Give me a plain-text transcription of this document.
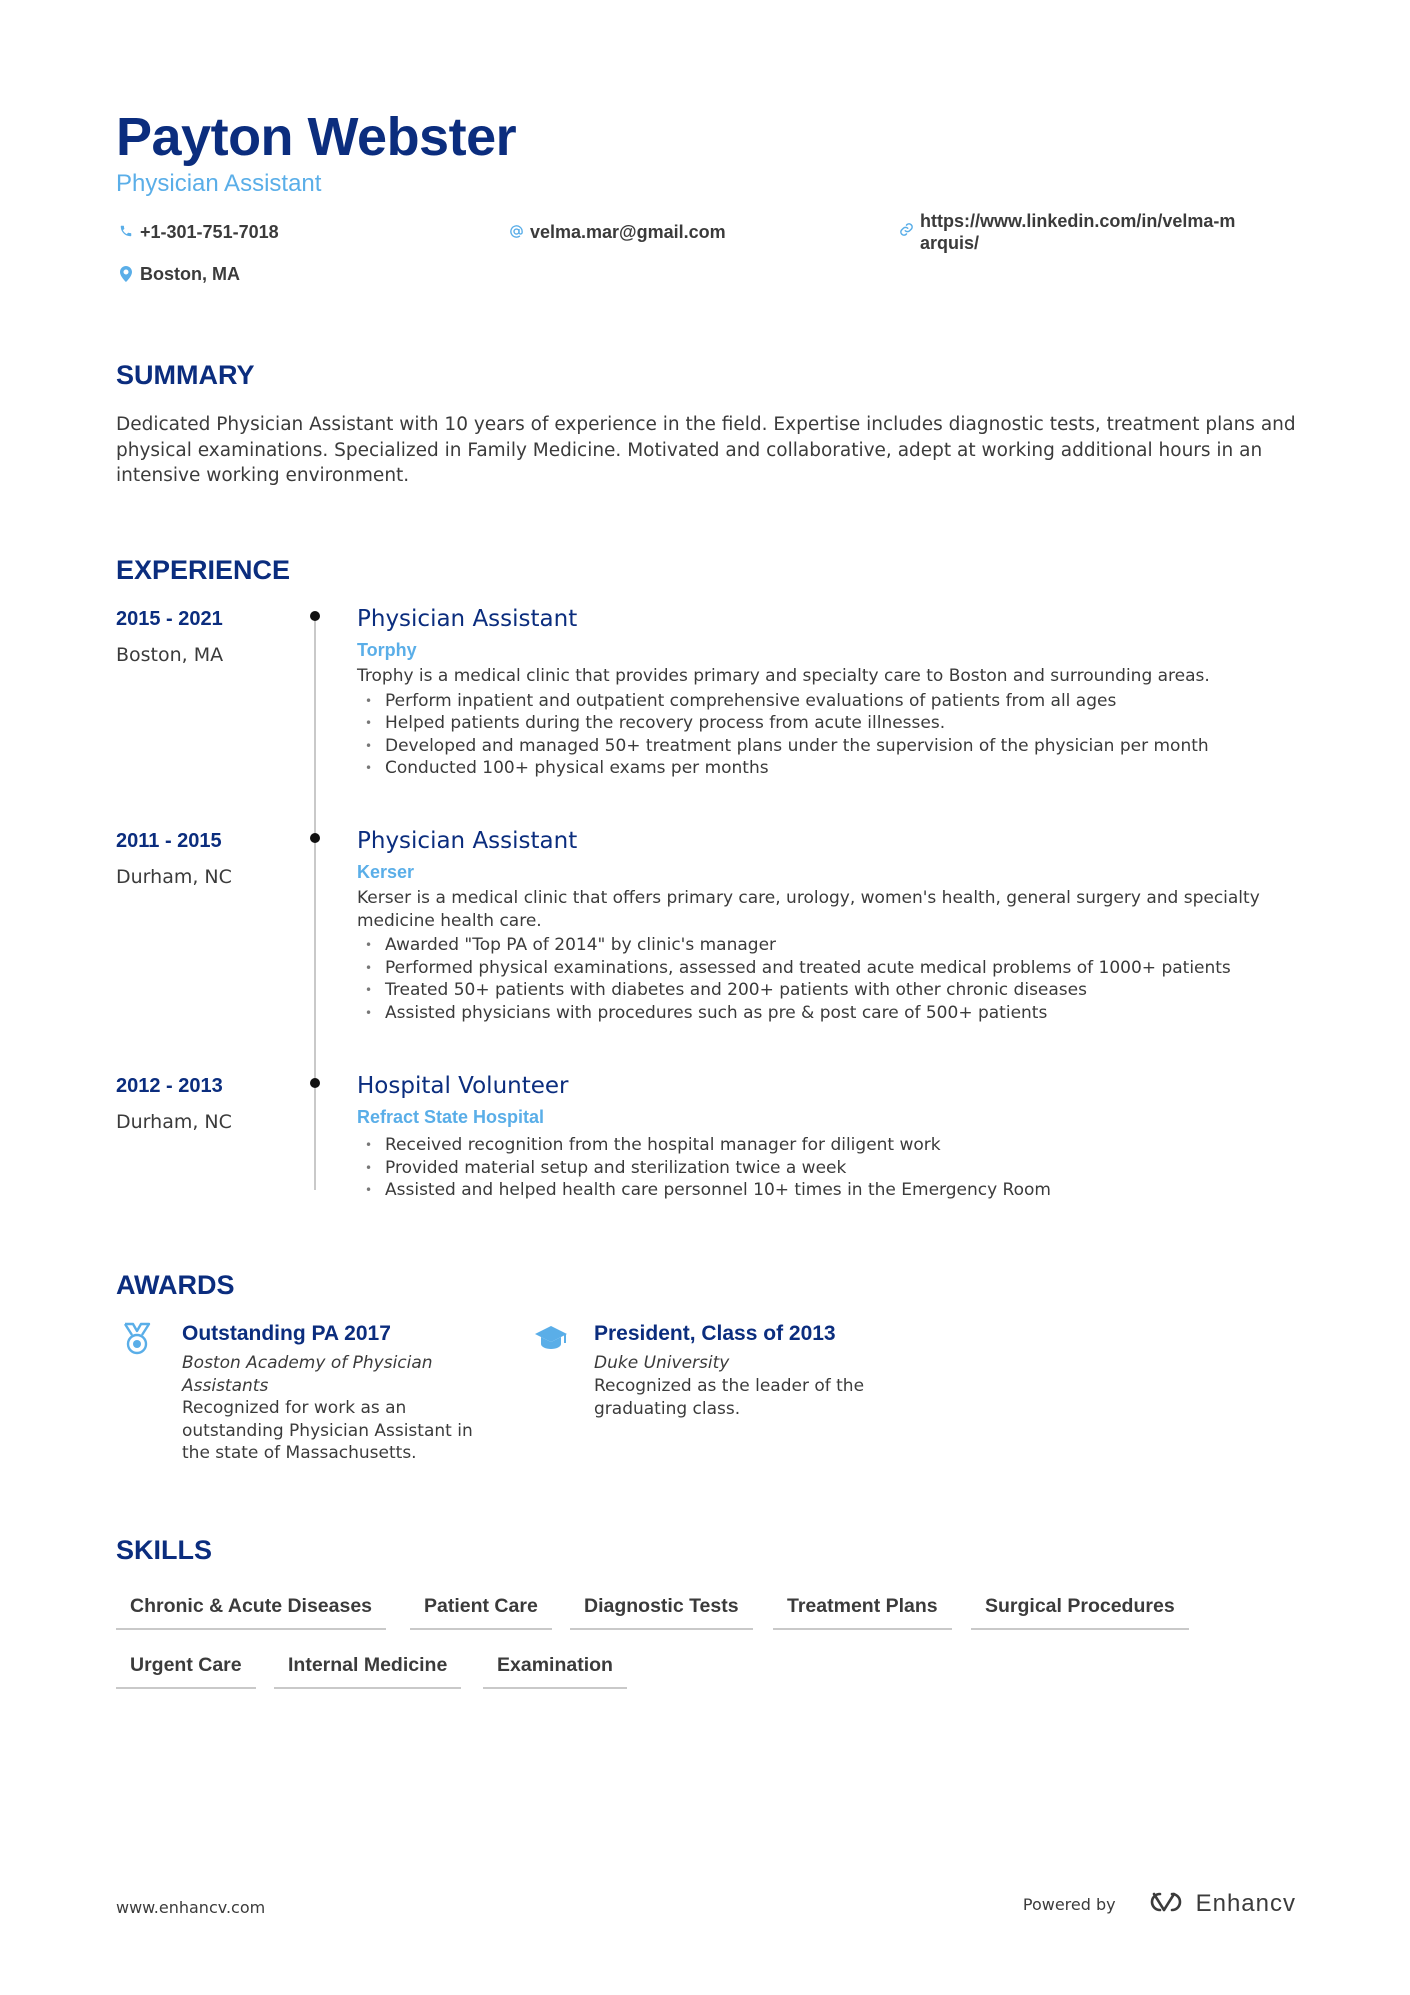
Payton Webster
Physician Assistant
+1-301-751-7018	velma.mar@gmail.com
https://www.linkedin.com/in/velma-marquis/
Boston, MA
SUMMARY

Dedicated Physician Assistant with 10 years of experience in the field. Expertise includes diagnostic tests, treatment plans and physical examinations. Specialized in Family Medicine. Motivated and collaborative, adept at working additional hours in an intensive working environment.

EXPERIENCE
2015 - 2021
Boston, MA
Physician Assistant
Torphy
Trophy is a medical clinic that provides primary and specialty care to Boston and surrounding areas.
• Perform inpatient and outpatient comprehensive evaluations of patients from all ages
• Helped patients during the recovery process from acute illnesses.
• Developed and managed 50+ treatment plans under the supervision of the physician per month
• Conducted 100+ physical exams per months
2011 - 2015
Durham, NC
Physician Assistant
Kerser
Kerser is a medical clinic that offers primary care, urology, women's health, general surgery and specialty medicine health care.
• Awarded "Top PA of 2014" by clinic's manager
• Performed physical examinations, assessed and treated acute medical problems of 1000+ patients
• Treated 50+ patients with diabetes and 200+ patients with other chronic diseases
• Assisted physicians with procedures such as pre & post care of 500+ patients
2012 - 2013
Durham, NC
Hospital Volunteer
Refract State Hospital
• Received recognition from the hospital manager for diligent work
• Provided material setup and sterilization twice a week
• Assisted and helped health care personnel 10+ times in the Emergency Room
AWARDS
Outstanding PA 2017
Boston Academy of Physician Assistants
Recognized for work as an outstanding Physician Assistant in the state of Massachusetts.
President, Class of 2013
Duke University
Recognized as the leader of the graduating class.
SKILLS
Chronic & Acute Diseases	Patient Care	Diagnostic Tests	Treatment Plans	Surgical Procedures
Urgent Care	Internal Medicine	Examination
www.enhancv.com	Powered by	Enhancv
